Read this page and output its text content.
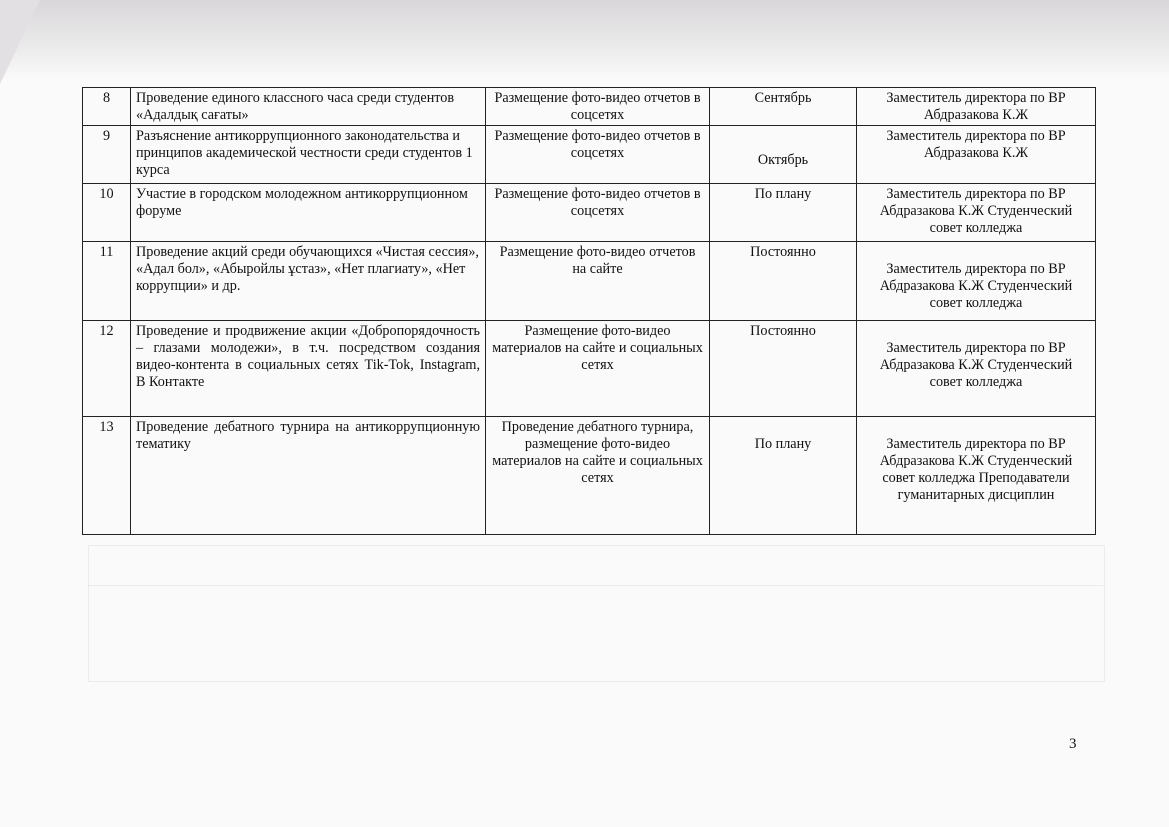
8	Проведение единого классного часа среди студентов «Адалдық сағаты»	Размещение фото-видео отчетов в соцсетях	Сентябрь	Заместитель директора по ВР Абдразакова К.Ж
9	Разъяснение антикоррупционного законодательства и принципов академической честности среди студентов 1 курса	Размещение фото-видео отчетов в соцсетях	Октябрь	Заместитель директора по ВР Абдразакова К.Ж
10	Участие в городском молодежном антикоррупционном форуме	Размещение фото-видео отчетов в соцсетях	По плану	Заместитель директора по ВР Абдразакова К.Ж Студенческий совет колледжа
11	Проведение акций среди обучающихся «Чистая сессия», «Адал бол», «Абыройлы ұстаз», «Нет плагиату», «Нет коррупции» и др.	Размещение фото-видео отчетов на сайте	Постоянно	Заместитель директора по ВР Абдразакова К.Ж Студенческий совет колледжа
12	Проведение и продвижение акции «Добропорядочность – глазами молодежи», в т.ч. посредством создания видео-контента в социальных сетях Tik-Tok, Instagram, В Контакте	Размещение фото-видео материалов на сайте и социальных сетях	Постоянно	Заместитель директора по ВР Абдразакова К.Ж Студенческий совет колледжа
13	Проведение дебатного турнира на антикоррупционную тематику	Проведение дебатного турнира, размещение фото-видео материалов на сайте и социальных сетях	По плану	Заместитель директора по ВР Абдразакова К.Ж Студенческий совет колледжа Преподаватели гуманитарных дисциплин
3
